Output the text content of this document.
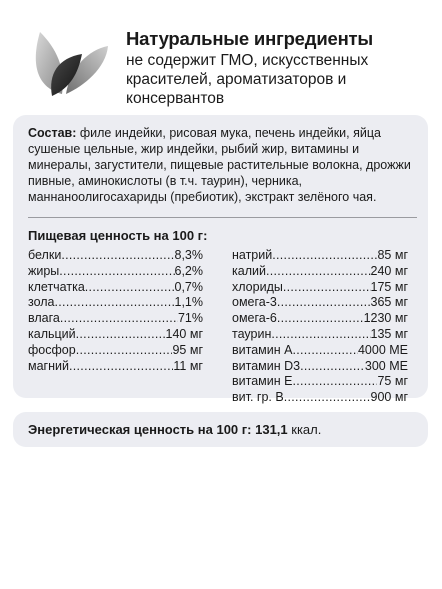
Натуральные ингредиенты

не содержит ГМО, искусственных красителей, ароматизаторов и консервантов

Состав: филе индейки, рисовая мука, печень индейки, яйца сушеные цельные, жир индейки, рыбий жир, витамины и минералы, загустители, пищевые растительные волокна, дрожжи пивные, аминокислоты (в т.ч. таурин), черника, маннаноолигосахариды (пребиотик), экстракт зелёного чая.

Пищевая ценность на 100 г:

белки .....	8,3%
жиры .....	6,2%
клетчатка .....	0,7%
зола .....	1,1%
влага .....	71%
кальций .....	140 мг
фосфор .....	95 мг
магний .....	11 мг
натрий .....	85 мг
калий .....	240 мг
хлориды .....	175 мг
омега-3 .....	365 мг
омега-6 .....	1230 мг
таурин .....	135 мг
витамин А .....	4000 МЕ
витамин D3 .....	300 МЕ
витамин Е .....	75 мг
вит. гр. В .....	900 мг

Энергетическая ценность на 100 г: 131,1 ккал.
